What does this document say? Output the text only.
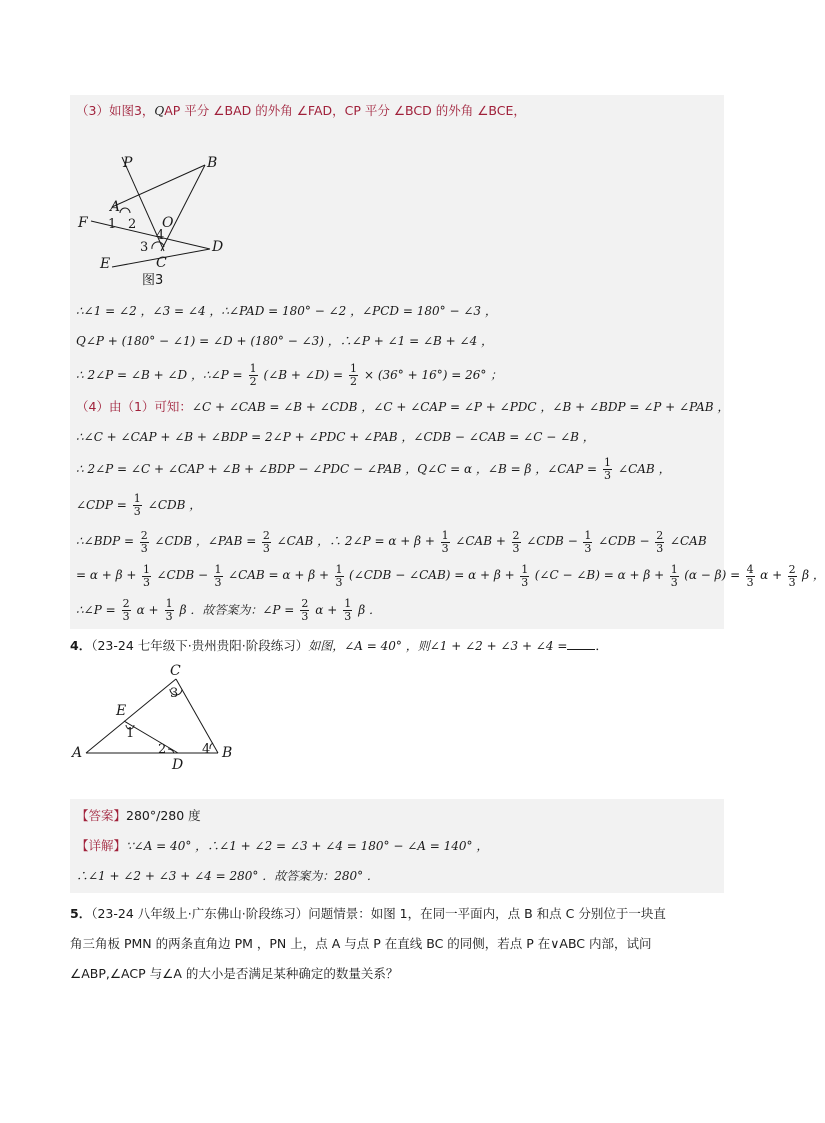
（3）如图3，QAP 平分 ∠BAD 的外角 ∠FAD，CP 平分 ∠BCD 的外角 ∠BCE，
P	B
A
F	O
D
E	C
1 2
3
4
图3
∴∠1 = ∠2 ，∠3 = ∠4 ，∴∠PAD = 180° − ∠2 ，∠PCD = 180° − ∠3 ，
Q∠P + (180° − ∠1) = ∠D + (180° − ∠3) ，∴∠P + ∠1 = ∠B + ∠4 ，
∴ 2∠P = ∠B + ∠D ，∴∠P = $\frac{1}{2}$ (∠B + ∠D) = $\frac{1}{2} \times (36^\circ + 16^\circ) = 26^\circ$ ；
（4）由（1）可知：∠C + ∠CAB = ∠B + ∠CDB ，∠C + ∠CAP = ∠P + ∠PDC ，∠B + ∠BDP = ∠P + ∠PAB ，
∴∠C + ∠CAP + ∠B + ∠BDP = 2∠P + ∠PDC + ∠PAB ，∠CDB − ∠CAB = ∠C − ∠B ，
∴ 2∠P = ∠C + ∠CAP + ∠B + ∠BDP − ∠PDC − ∠PAB ，Q∠C = α ，∠B = β ，∠CAP = $\frac{1}{3}$ ∠CAB ，
∠CDP = $\frac{1}{3}$ ∠CDB ，
∴∠BDP = $\frac{2}{3}$ ∠CDB ，∠PAB = $\frac{2}{3}$ ∠CAB ，∴ 2∠P = $\alpha + \beta + \frac{1}{3}$ ∠CAB + $\frac{2}{3}$ ∠CDB − $\frac{1}{3}$ ∠CDB − $\frac{2}{3}$ ∠CAB
= $\alpha + \beta + \frac{1}{3}$ ∠CDB − $\frac{1}{3}$ ∠CAB = $\alpha + \beta + \frac{1}{3}$ (∠CDB − ∠CAB) = $\alpha + \beta + \frac{1}{3}$ (∠C − ∠B) = $\alpha + \beta + \frac{1}{3} (\alpha - \beta) = \frac{4}{3}$ $\alpha + \frac{2}{3}$ β ，
∴∠P = $\frac{2}{3}$ $\alpha + \frac{1}{3}$ β ．故答案为：∠P = $\frac{2}{3}$ $\alpha + \frac{1}{3}$ β ．
4．（23-24 七年级下·贵州贵阳·阶段练习）如图，∠A = 40° ，则∠1 + ∠2 + ∠3 + ∠4 = ．
A	B
C
D
E
1
2
3
4
【答案】280°/280 度
【详解】∵∠A = 40° ，∴∠1 + ∠2 = ∠3 + ∠4 = 180° − ∠A = 140° ，
∴∠1 + ∠2 + ∠3 + ∠4 = 280° ．故答案为：280° ．
5．（23-24 八年级上·广东佛山·阶段练习）问题情景：如图 1，在同一平面内，点 B 和点 C 分别位于一块直
角三角板 PMN 的两条直角边 PM ，PN 上，点 A 与点 P 在直线 BC 的同侧，若点 P 在∨ABC 内部，试问
∠ABP,∠ACP 与∠A 的大小是否满足某种确定的数量关系？
